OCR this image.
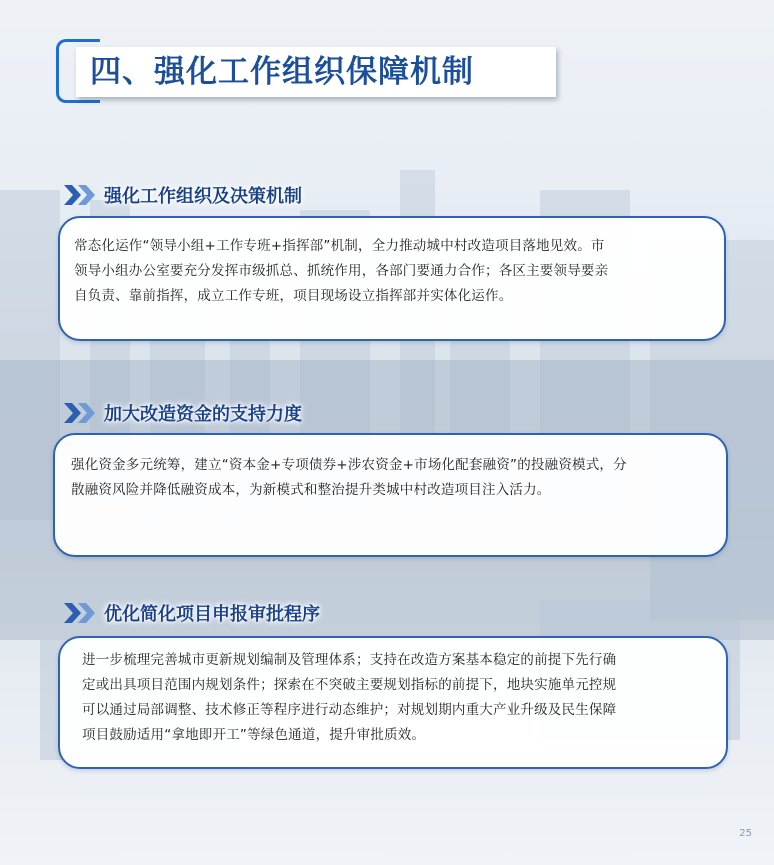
四、强化工作组织保障机制
强化工作组织及决策机制
常态化运作“领导小组+工作专班+指挥部”机制，全力推动城中村改造项目落地见效。市
领导小组办公室要充分发挥市级抓总、抓统作用，各部门要通力合作；各区主要领导要亲
自负责、靠前指挥，成立工作专班，项目现场设立指挥部并实体化运作。
加大改造资金的支持力度
强化资金多元统筹，建立“资本金+专项债券+涉农资金+市场化配套融资”的投融资模式，分
散融资风险并降低融资成本，为新模式和整治提升类城中村改造项目注入活力。
优化简化项目申报审批程序
进一步梳理完善城市更新规划编制及管理体系；支持在改造方案基本稳定的前提下先行确
定或出具项目范围内规划条件；探索在不突破主要规划指标的前提下，地块实施单元控规
可以通过局部调整、技术修正等程序进行动态维护；对规划期内重大产业升级及民生保障
项目鼓励适用“拿地即开工”等绿色通道，提升审批质效。
25
